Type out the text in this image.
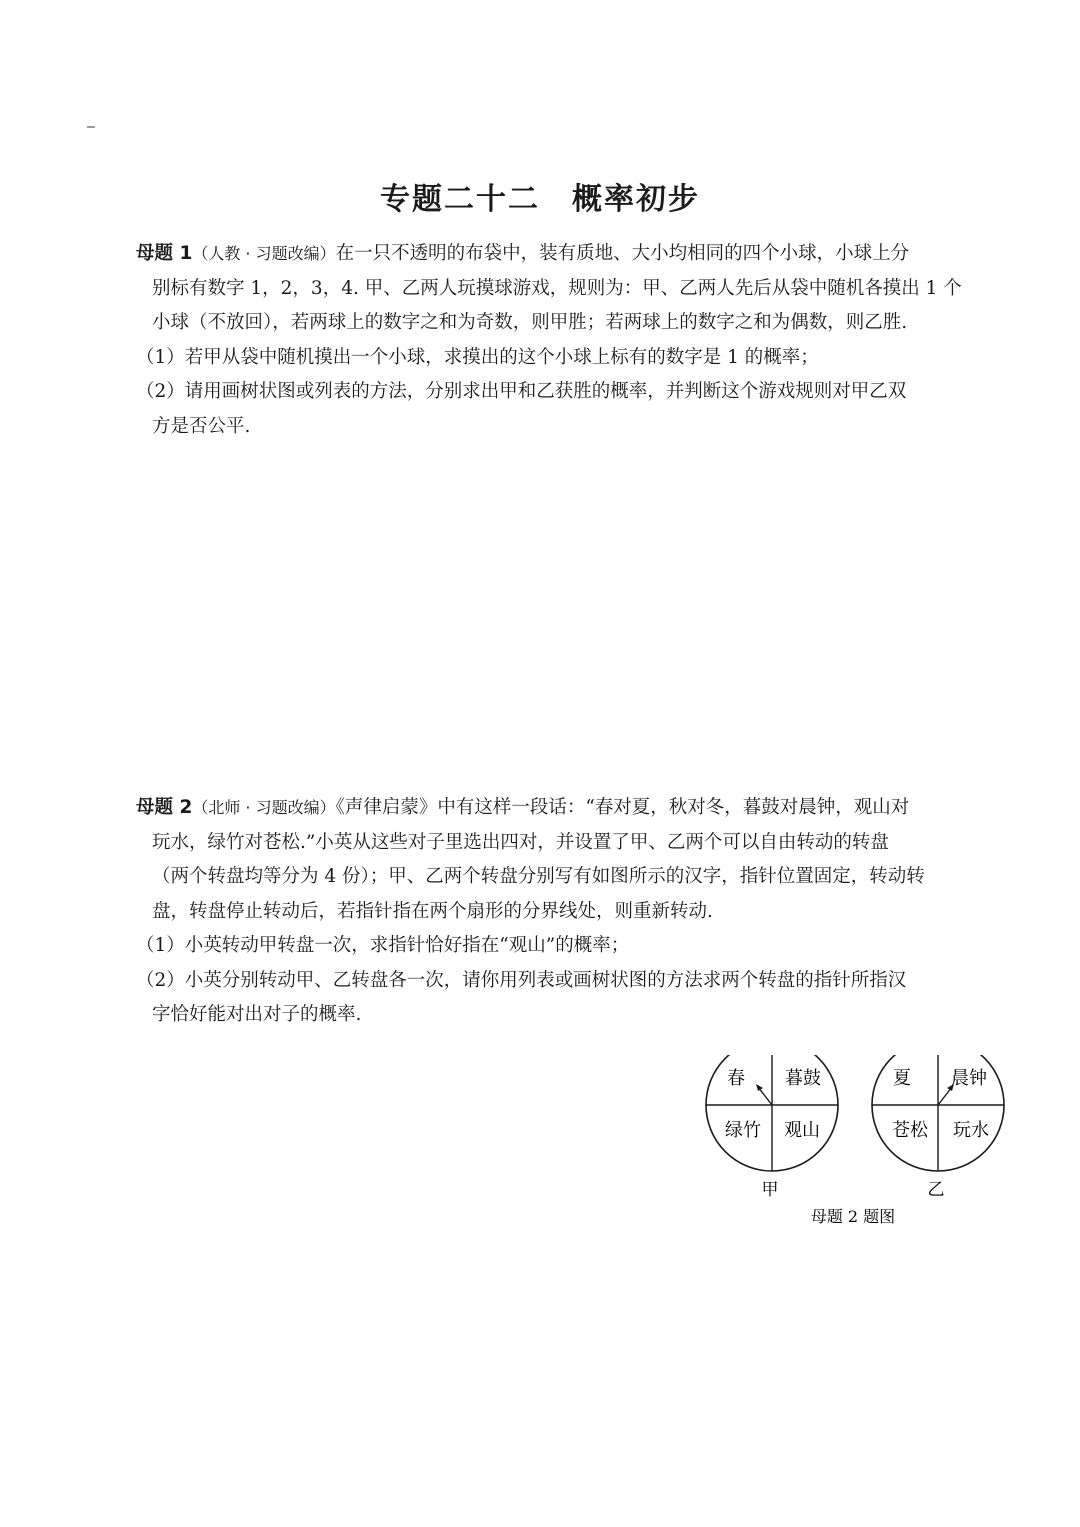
专题二十二　概率初步

母题 1（人教 · 习题改编）在一只不透明的布袋中，装有质地、大小均相同的四个小球，小球上分

别标有数字 1，2，3，4. 甲、乙两人玩摸球游戏，规则为：甲、乙两人先后从袋中随机各摸出 1 个

小球（不放回），若两球上的数字之和为奇数，则甲胜；若两球上的数字之和为偶数，则乙胜.

（1）若甲从袋中随机摸出一个小球，求摸出的这个小球上标有的数字是 1 的概率；

（2）请用画树状图或列表的方法，分别求出甲和乙获胜的概率，并判断这个游戏规则对甲乙双

方是否公平.

母题 2（北师 · 习题改编）《声律启蒙》中有这样一段话：“春对夏，秋对冬，暮鼓对晨钟，观山对

玩水，绿竹对苍松.”小英从这些对子里选出四对，并设置了甲、乙两个可以自由转动的转盘

（两个转盘均等分为 4 份）；甲、乙两个转盘分别写有如图所示的汉字，指针位置固定，转动转

盘，转盘停止转动后，若指针指在两个扇形的分界线处，则重新转动.

（1）小英转动甲转盘一次，求指针恰好指在“观山”的概率；

（2）小英分别转动甲、乙转盘各一次，请你用列表或画树状图的方法求两个转盘的指针所指汉

字恰好能对出对子的概率.

春 暮鼓
绿竹 观山
甲
夏 晨钟
苍松 玩水
乙
母题 2 题图
